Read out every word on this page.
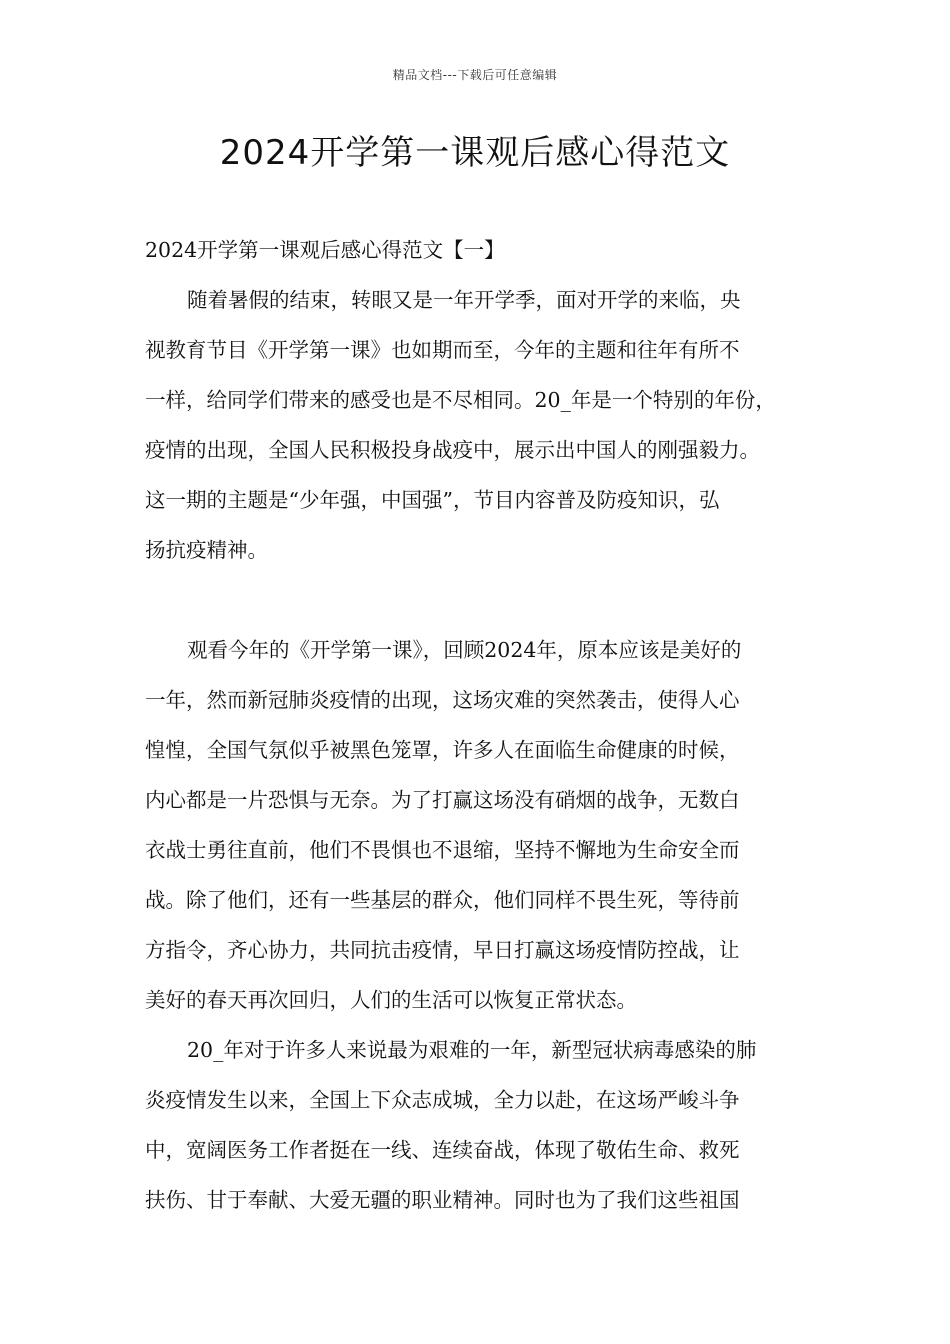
精品文档---下载后可任意编辑
2024开学第一课观后感心得范文
2024开学第一课观后感心得范文【一】
随着暑假的结束，转眼又是一年开学季，面对开学的来临，央
视教育节目《开学第一课》也如期而至，今年的主题和往年有所不
一样，给同学们带来的感受也是不尽相同。20_年是一个特别的年份，
疫情的出现，全国人民积极投身战疫中，展示出中国人的刚强毅力。
这一期的主题是“少年强，中国强”，节目内容普及防疫知识，弘
扬抗疫精神。
观看今年的《开学第一课》，回顾2024年，原本应该是美好的
一年，然而新冠肺炎疫情的出现，这场灾难的突然袭击，使得人心
惶惶，全国气氛似乎被黑色笼罩，许多人在面临生命健康的时候，
内心都是一片恐惧与无奈。为了打赢这场没有硝烟的战争，无数白
衣战士勇往直前，他们不畏惧也不退缩，坚持不懈地为生命安全而
战。除了他们，还有一些基层的群众，他们同样不畏生死，等待前
方指令，齐心协力，共同抗击疫情，早日打赢这场疫情防控战，让
美好的春天再次回归，人们的生活可以恢复正常状态。
20_年对于许多人来说最为艰难的一年，新型冠状病毒感染的肺
炎疫情发生以来，全国上下众志成城，全力以赴，在这场严峻斗争
中，宽阔医务工作者挺在一线、连续奋战，体现了敬佑生命、救死
扶伤、甘于奉献、大爱无疆的职业精神。同时也为了我们这些祖国
